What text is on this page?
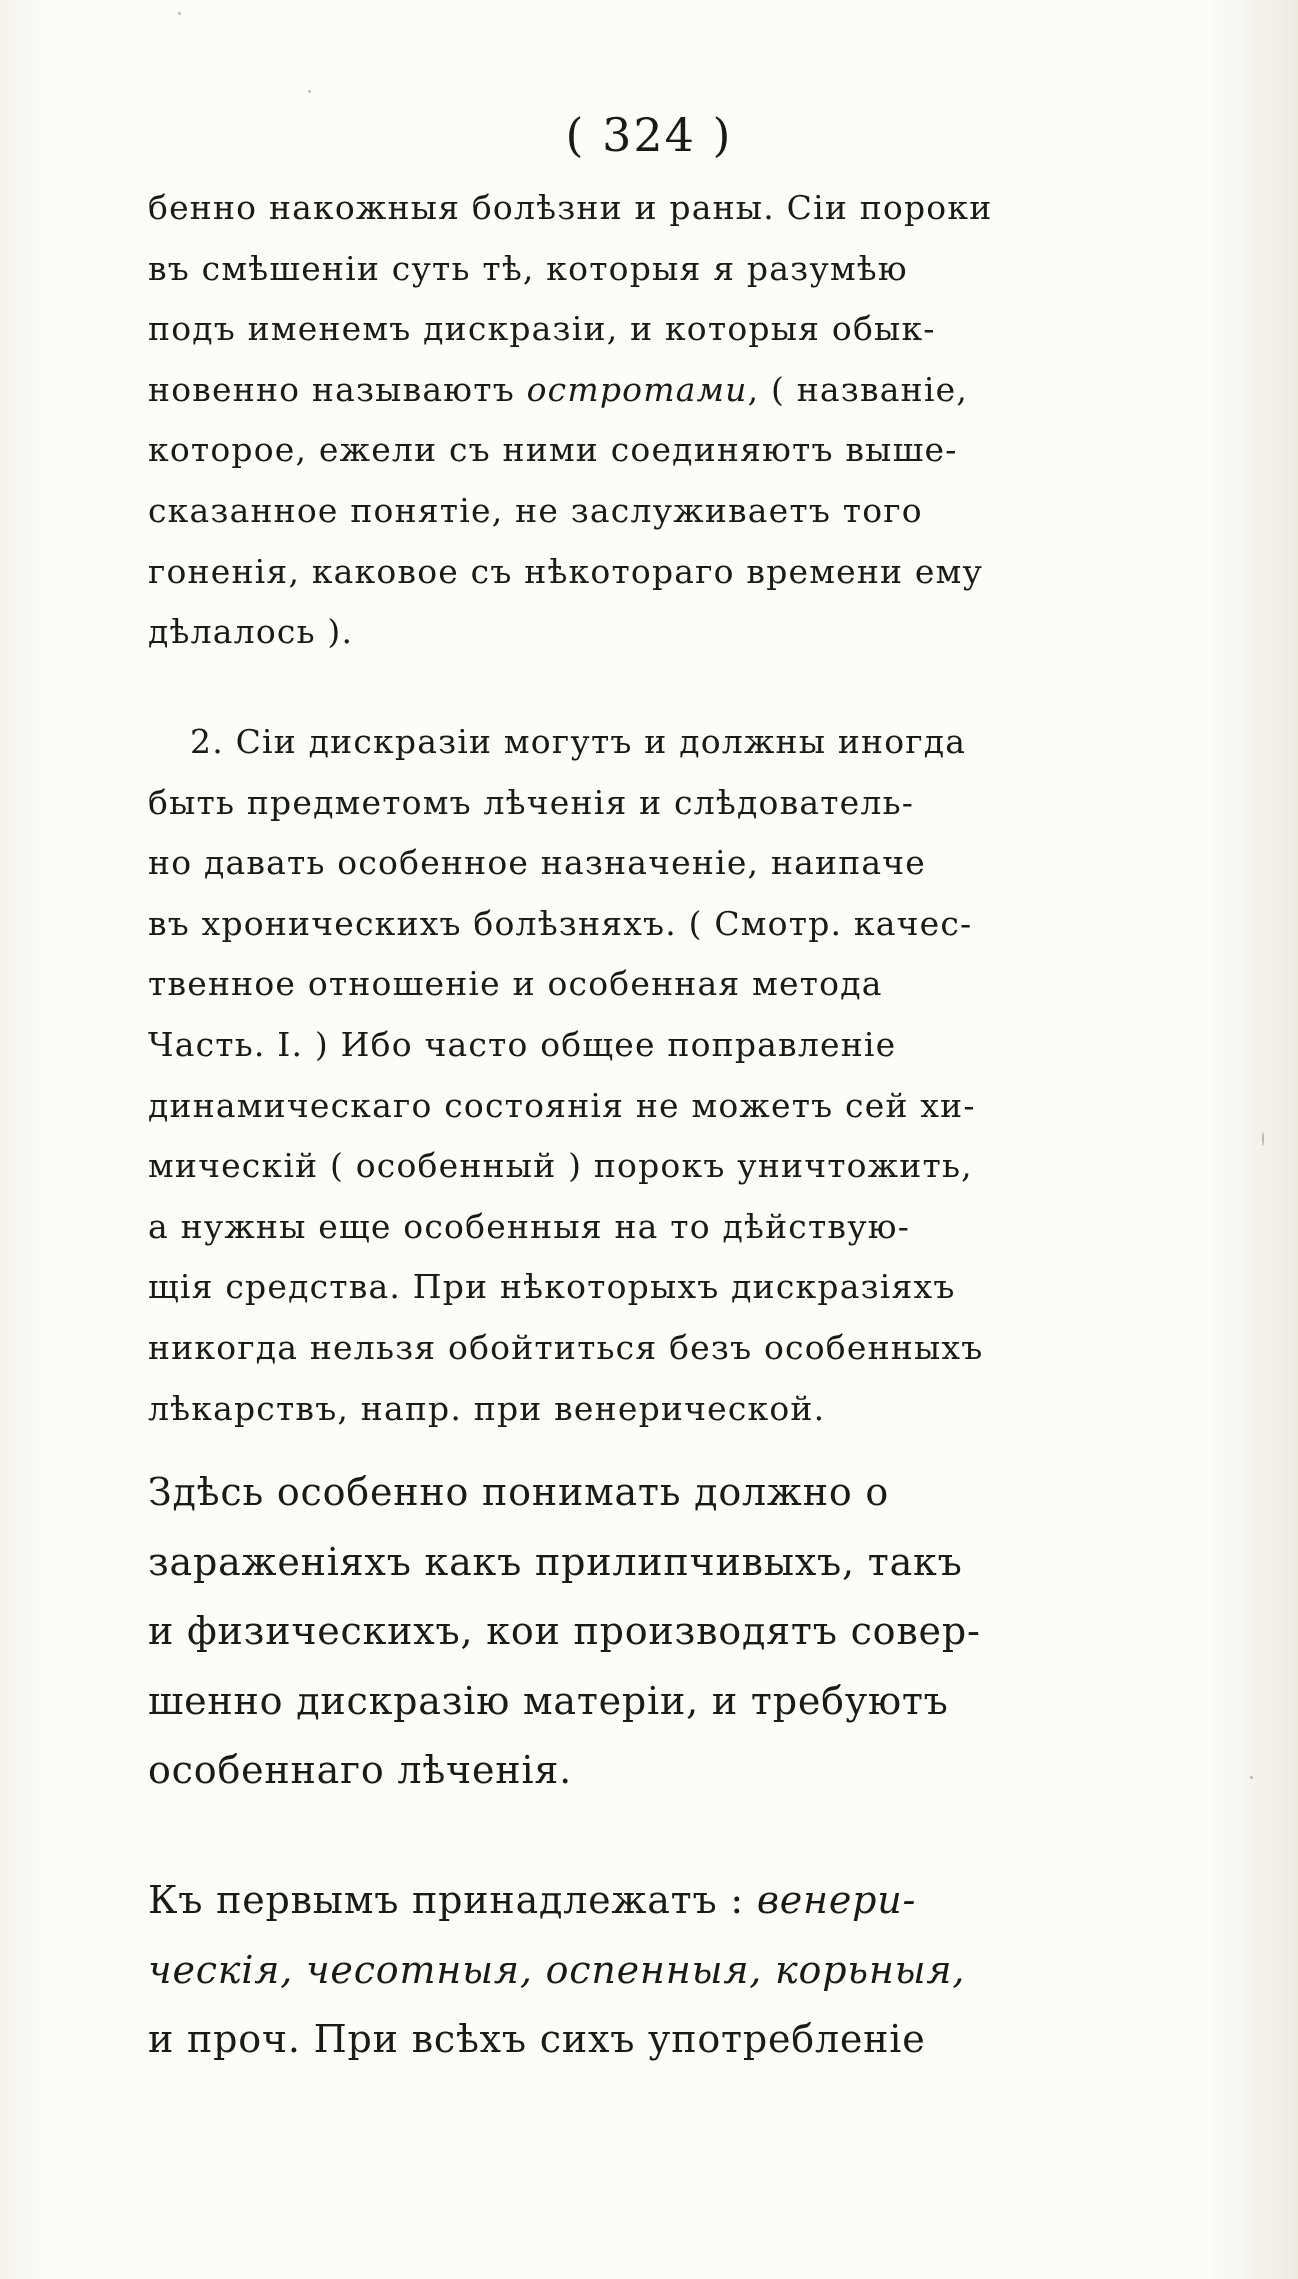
( 324 )
бенно накожныя болѣзни и раны. Сіи пороки
въ смѣшеніи суть тѣ, которыя я разумѣю
подъ именемъ дискразіи, и которыя обык-
новенно называютъ остротами, ( названіе,
которое, ежели съ ними соединяютъ выше-
сказанное понятіе, не заслуживаетъ того
гоненія, каковое съ нѣкотораго времени ему
дѣлалось ).
2. Сіи дискразіи могутъ и должны иногда
быть предметомъ лѣченія и слѣдователь-
но давать особенное назначеніе, наипаче
въ хроническихъ болѣзняхъ. ( Смотр. качес-
твенное отношеніе и особенная метода
Часть. I. ) Ибо часто общее поправленіе
динамическаго состоянія не можетъ сей хи-
мическій ( особенный ) порокъ уничтожить,
а нужны еще особенныя на то дѣйствую-
щія средства. При нѣкоторыхъ дискразіяхъ
никогда нельзя обойтиться безъ особенныхъ
лѣкарствъ, напр. при венерической.
Здѣсь особенно понимать должно о
зараженіяхъ какъ прилипчивыхъ, такъ
и физическихъ, кои производятъ совер-
шенно дискразію матеріи, и требуютъ
особеннаго лѣченія.
Къ первымъ принадлежатъ : венери-
ческія, чесотныя, оспенныя, корьныя,
и проч. При всѣхъ сихъ употребленіе
